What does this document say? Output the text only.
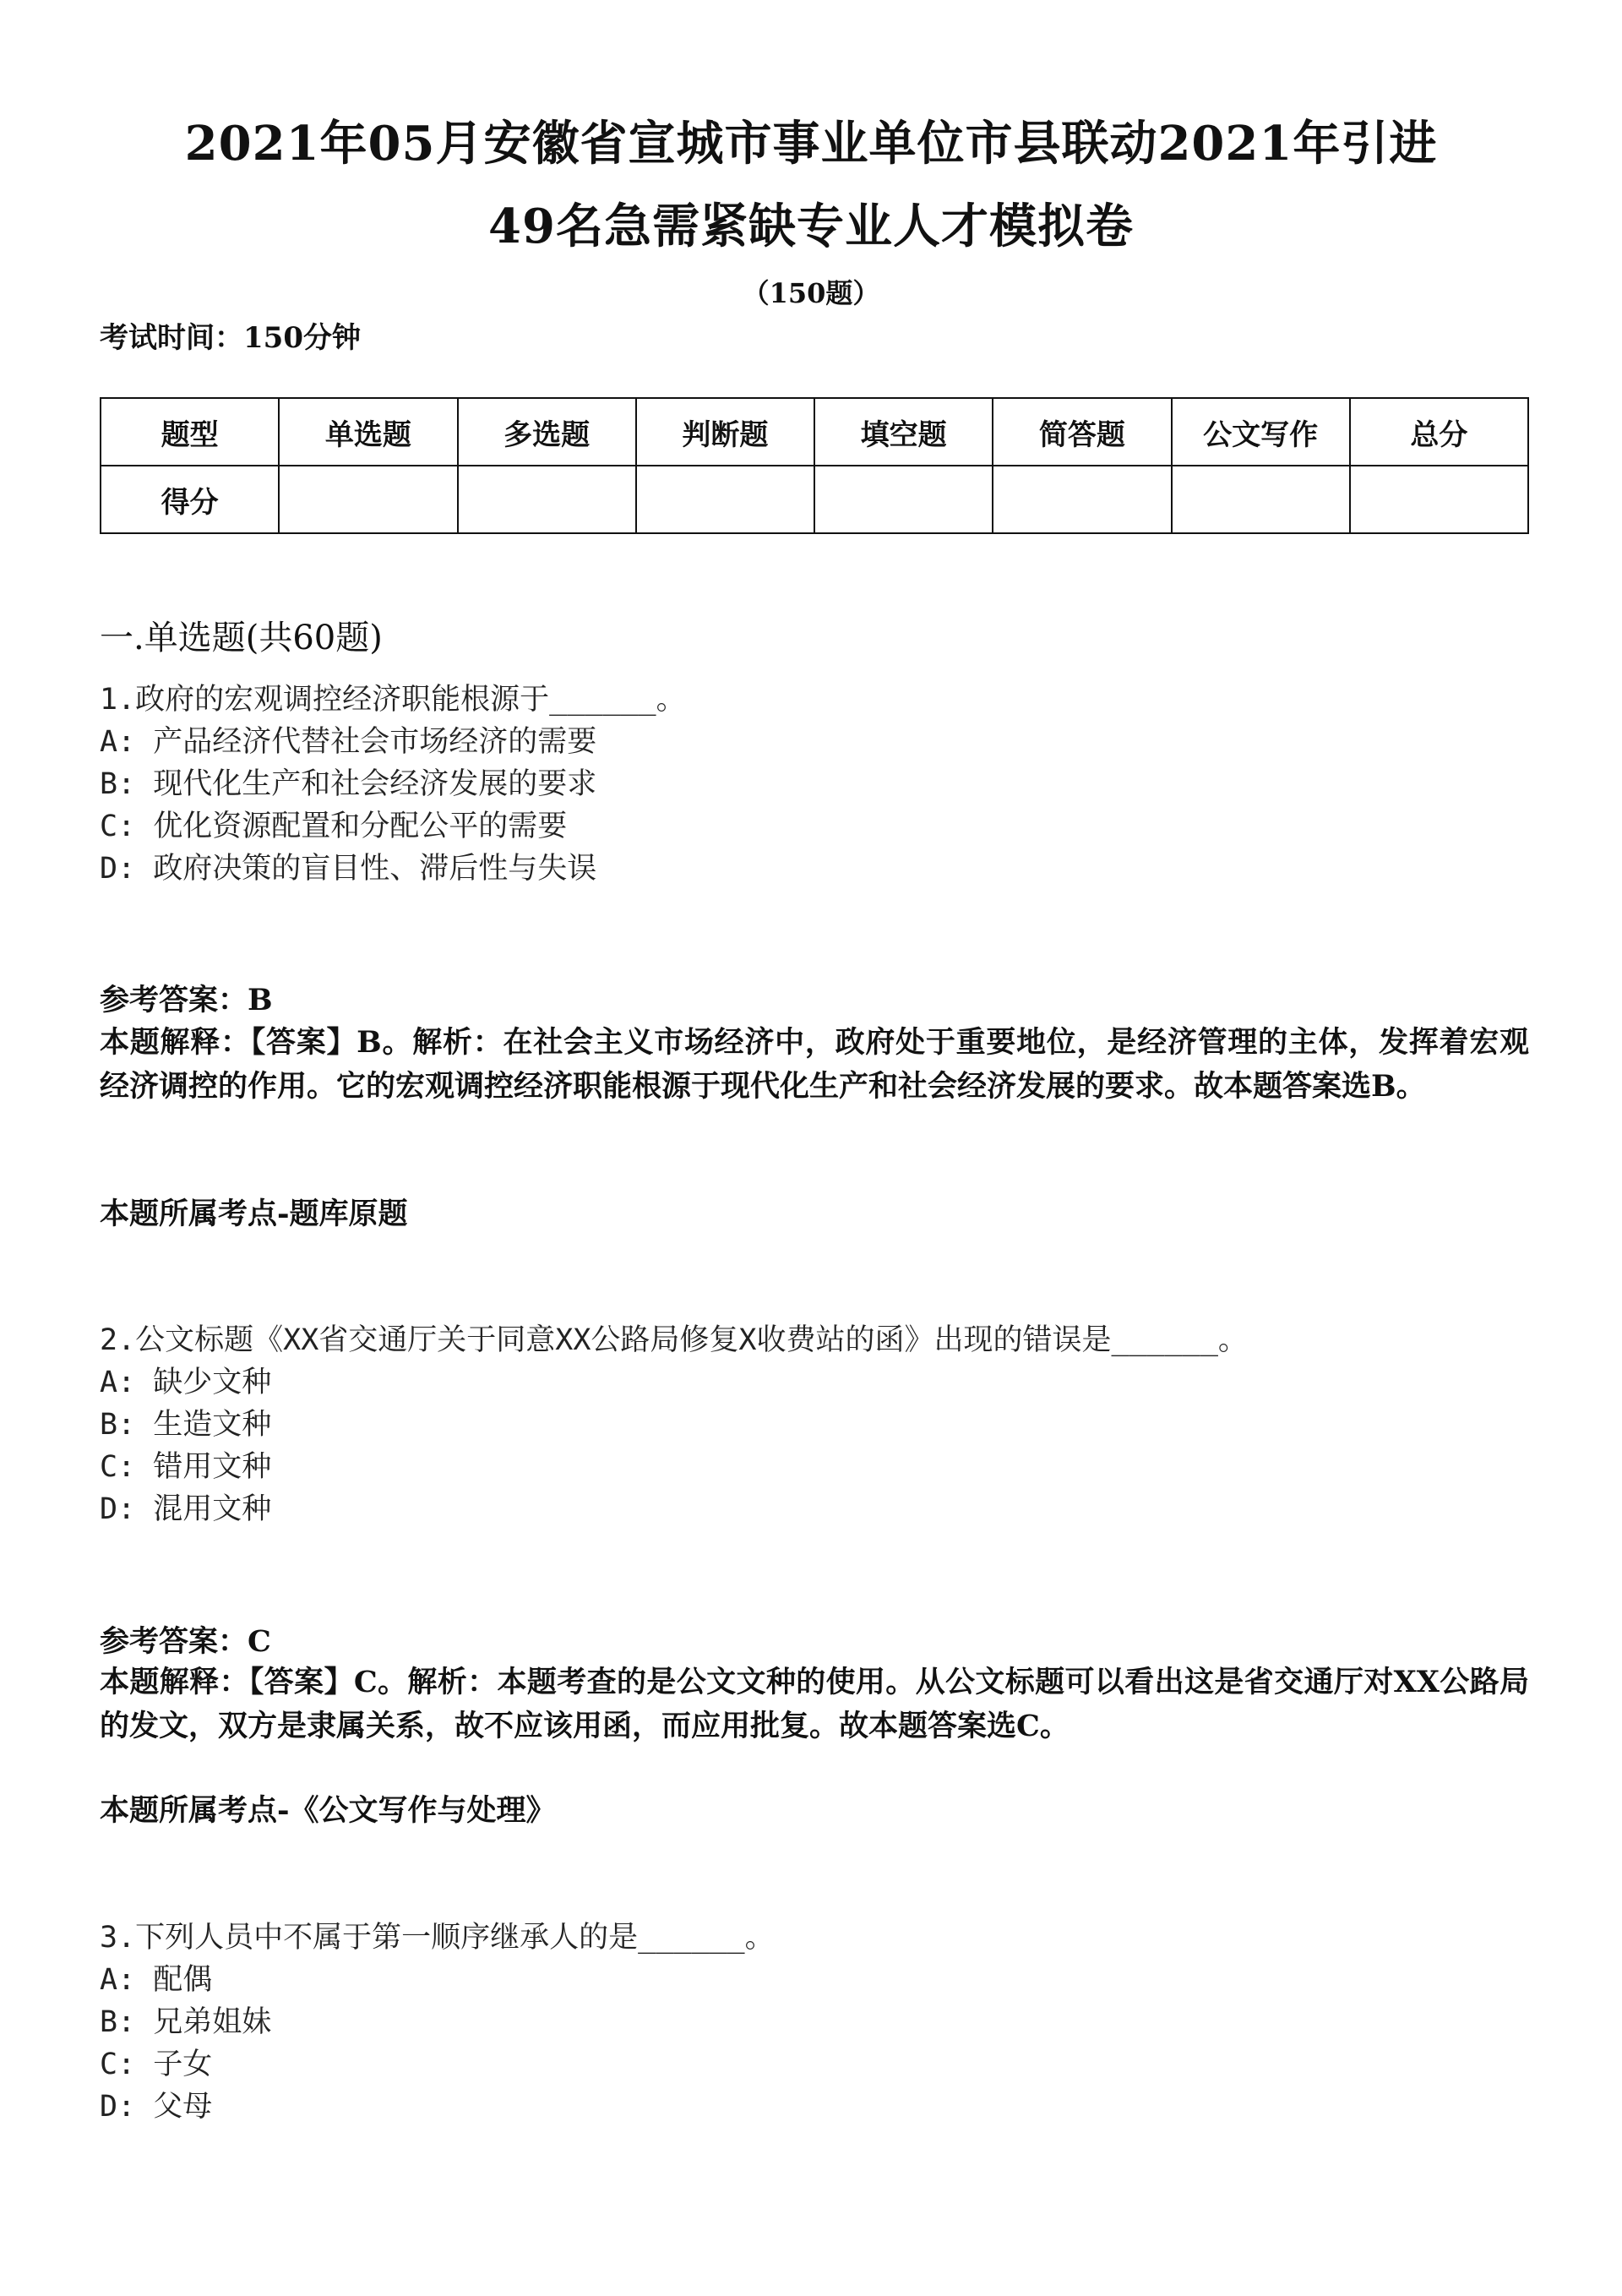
2021年05月安徽省宣城市事业单位市县联动2021年引进
49名急需紧缺专业人才模拟卷
（150题）
考试时间：150分钟
题型	单选题	多选题	判断题	填空题	简答题	公文写作	总分
得分							
一.单选题(共60题)
1.政府的宏观调控经济职能根源于______。
A: 产品经济代替社会市场经济的需要
B: 现代化生产和社会经济发展的要求
C: 优化资源配置和分配公平的需要
D: 政府决策的盲目性、滞后性与失误
参考答案：B
本题解释：【答案】B。解析：在社会主义市场经济中，政府处于重要地位，是经济管理的主体，发挥着宏观经济调控的作用。它的宏观调控经济职能根源于现代化生产和社会经济发展的要求。故本题答案选B。
本题所属考点-题库原题
2.公文标题《XX省交通厅关于同意XX公路局修复X收费站的函》出现的错误是______。
A: 缺少文种
B: 生造文种
C: 错用文种
D: 混用文种
参考答案：C
本题解释：【答案】C。解析：本题考查的是公文文种的使用。从公文标题可以看出这是省交通厅对XX公路局的发文，双方是隶属关系，故不应该用函，而应用批复。故本题答案选C。
本题所属考点-《公文写作与处理》
3.下列人员中不属于第一顺序继承人的是______。
A: 配偶
B: 兄弟姐妹
C: 子女
D: 父母
